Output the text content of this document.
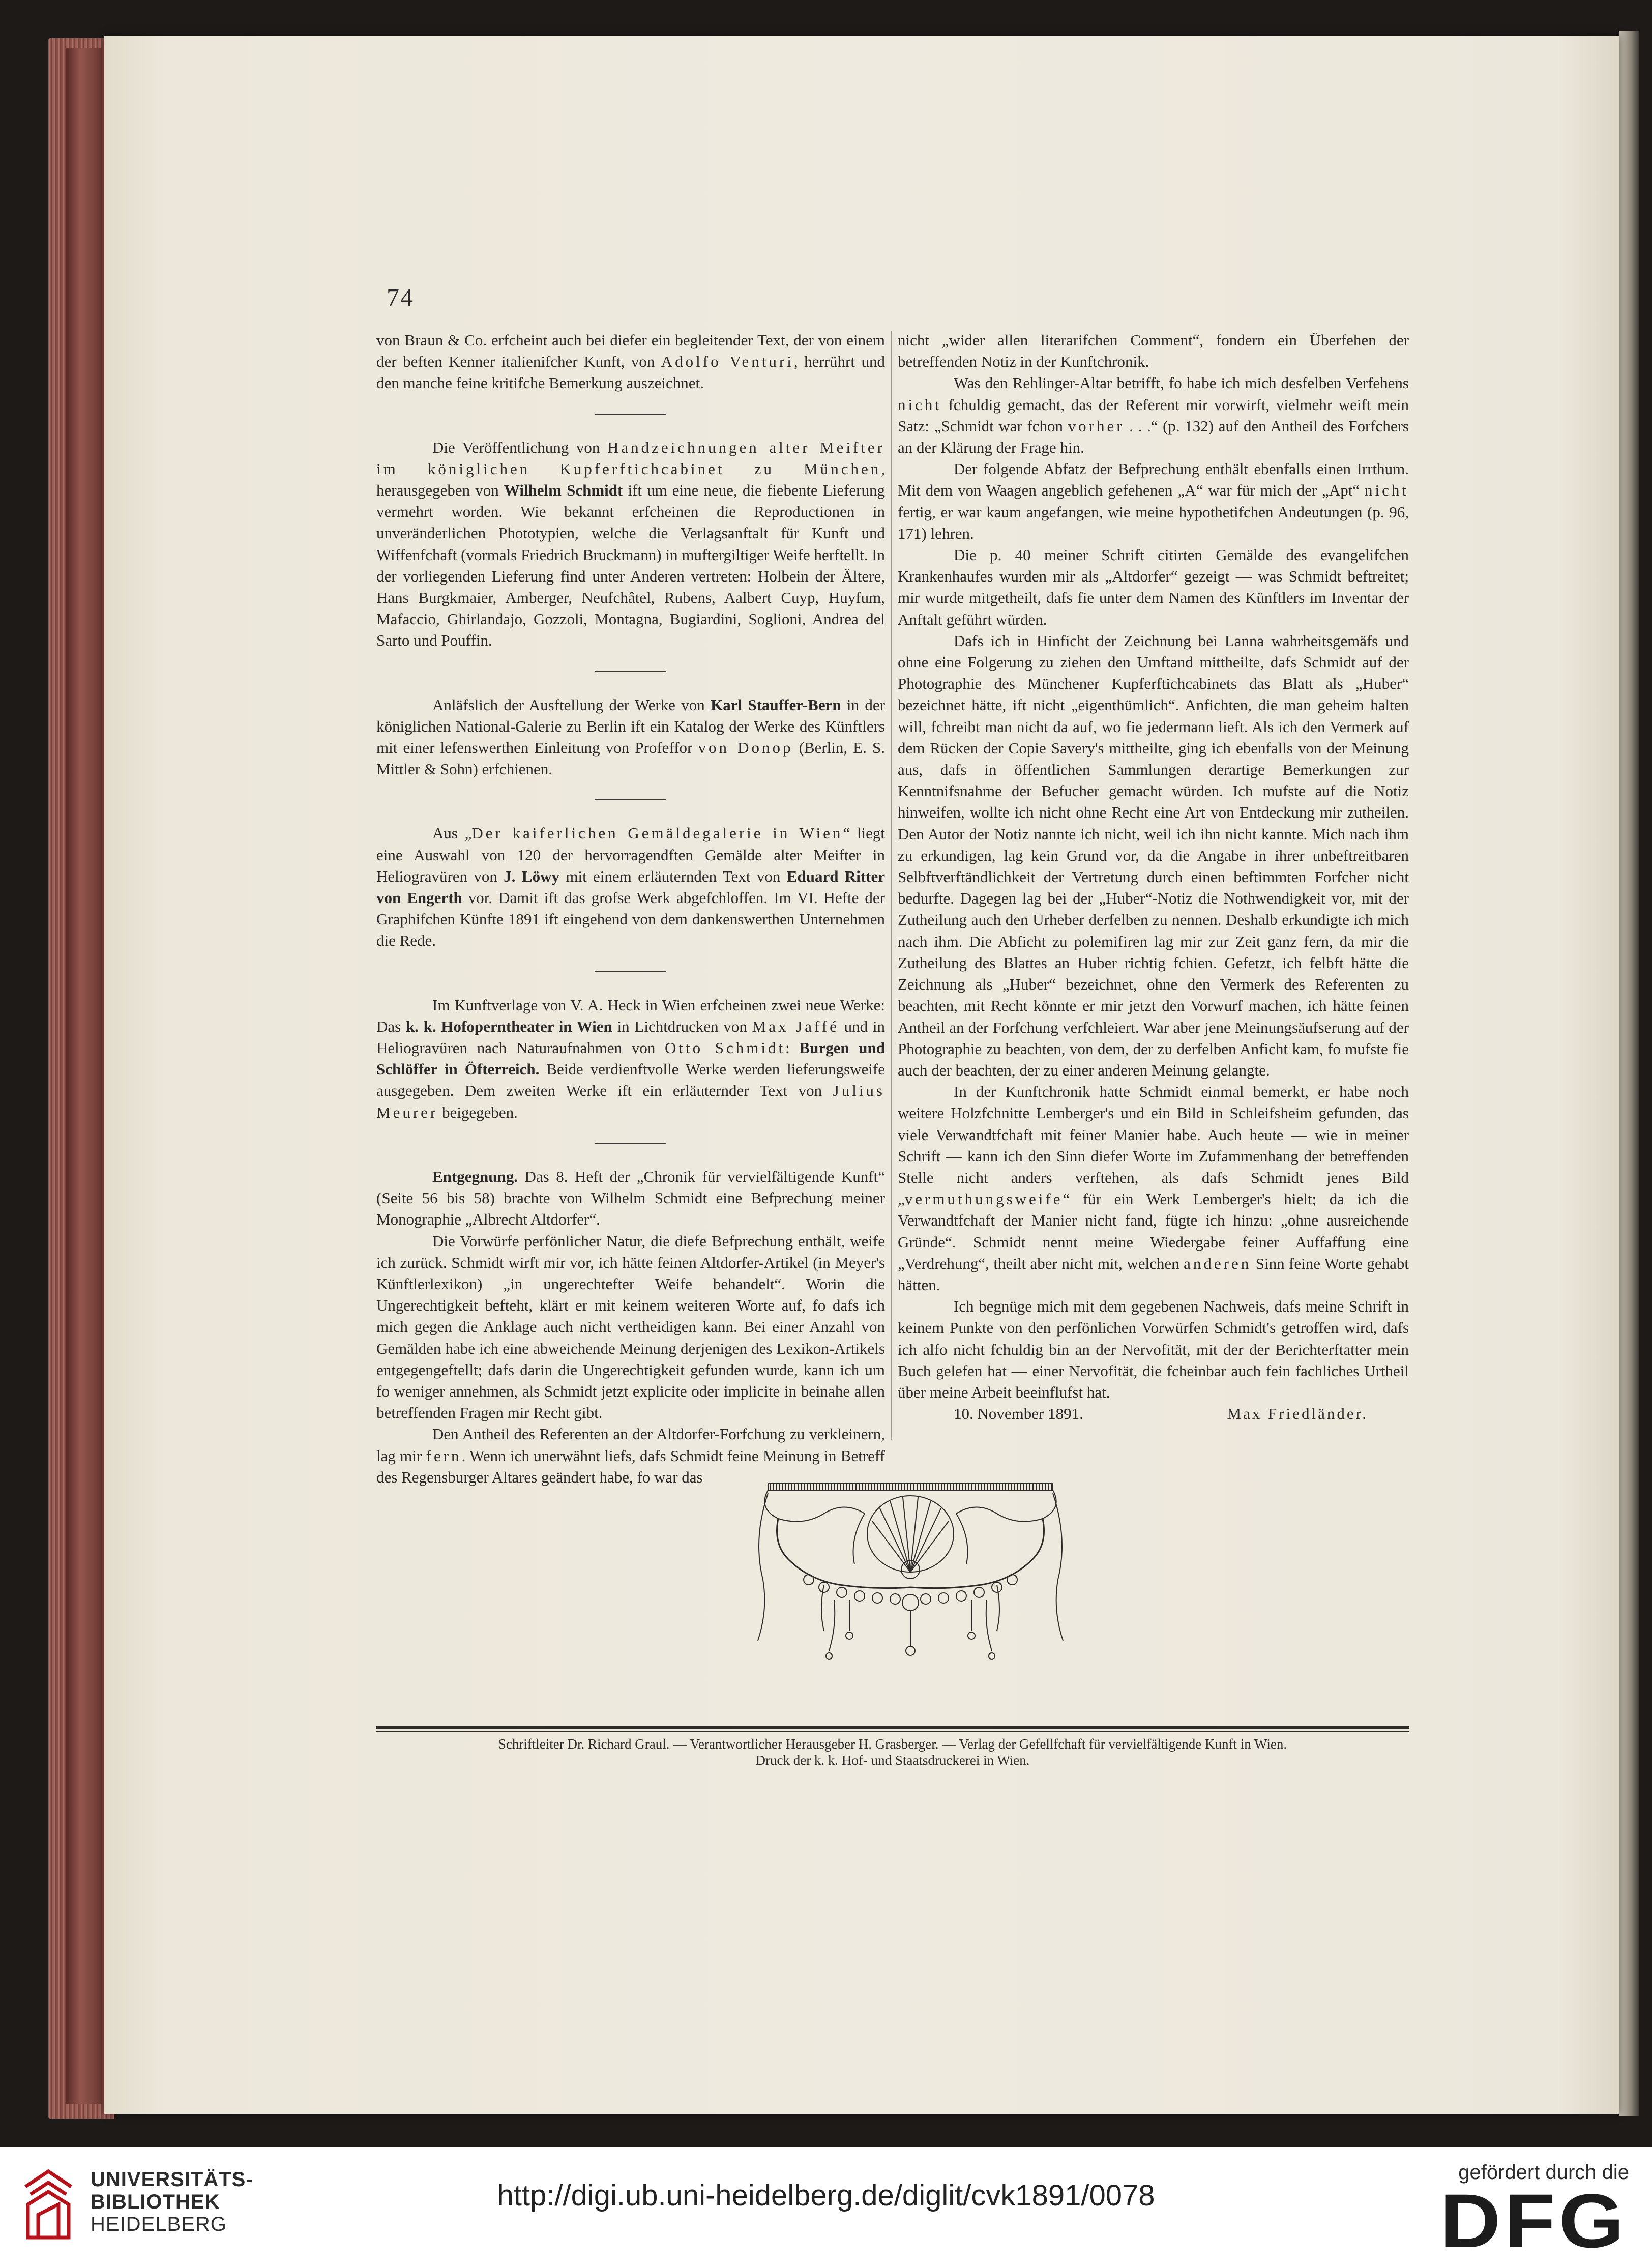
74

von Braun & Co. erfcheint auch bei diefer ein begleitender Text, der von einem der beften Kenner italienifcher Kunft, von Adolfo Venturi, herrührt und den manche feine kritifche Bemerkung auszeichnet.

Die Veröffentlichung von Handzeichnungen alter Meifter im königlichen Kupferftichcabinet zu München, herausgegeben von Wilhelm Schmidt ift um eine neue, die fiebente Lieferung vermehrt worden. Wie bekannt erfcheinen die Reproductionen in unveränderlichen Phototypien, welche die Verlagsanftalt für Kunft und Wiffenfchaft (vormals Friedrich Bruckmann) in muftergiltiger Weife herftellt. In der vorliegenden Lieferung find unter Anderen vertreten: Holbein der Ältere, Hans Burgkmaier, Amberger, Neufchâtel, Rubens, Aalbert Cuyp, Huyfum, Mafaccio, Ghirlandajo, Gozzoli, Montagna, Bugiardini, Soglioni, Andrea del Sarto und Pouffin.

Anläfslich der Ausftellung der Werke von Karl Stauffer-Bern in der königlichen National-Galerie zu Berlin ift ein Katalog der Werke des Künftlers mit einer lefenswerthen Einleitung von Profeffor von Donop (Berlin, E. S. Mittler & Sohn) erfchienen.

Aus „Der kaiferlichen Gemäldegalerie in Wien“ liegt eine Auswahl von 120 der hervorragendften Gemälde alter Meifter in Heliogravüren von J. Löwy mit einem erläuternden Text von Eduard Ritter von Engerth vor. Damit ift das grofse Werk abgefchloffen. Im VI. Hefte der Graphifchen Künfte 1891 ift eingehend von dem dankenswerthen Unternehmen die Rede.

Im Kunftverlage von V. A. Heck in Wien erfcheinen zwei neue Werke: Das k. k. Hofoperntheater in Wien in Lichtdrucken von Max Jaffé und in Heliogravüren nach Naturaufnahmen von Otto Schmidt: Burgen und Schlöffer in Öfterreich. Beide verdienftvolle Werke werden lieferungsweife ausgegeben. Dem zweiten Werke ift ein erläuternder Text von Julius Meurer beigegeben.

Entgegnung. Das 8. Heft der „Chronik für vervielfältigende Kunft“ (Seite 56 bis 58) brachte von Wilhelm Schmidt eine Befprechung meiner Monographie „Albrecht Altdorfer“.

Die Vorwürfe perfönlicher Natur, die diefe Befprechung enthält, weife ich zurück. Schmidt wirft mir vor, ich hätte feinen Altdorfer-Artikel (in Meyer's Künftlerlexikon) „in ungerechtefter Weife behandelt“. Worin die Ungerechtigkeit befteht, klärt er mit keinem weiteren Worte auf, fo dafs ich mich gegen die Anklage auch nicht vertheidigen kann. Bei einer Anzahl von Gemälden habe ich eine abweichende Meinung derjenigen des Lexikon-Artikels entgegengeftellt; dafs darin die Ungerechtigkeit gefunden wurde, kann ich um fo weniger annehmen, als Schmidt jetzt explicite oder implicite in beinahe allen betreffenden Fragen mir Recht gibt.

Den Antheil des Referenten an der Altdorfer-Forfchung zu verkleinern, lag mir fern. Wenn ich unerwähnt liefs, dafs Schmidt feine Meinung in Betreff des Regensburger Altares geändert habe, fo war das

nicht „wider allen literarifchen Comment“, fondern ein Überfehen der betreffenden Notiz in der Kunftchronik.

Was den Rehlinger-Altar betrifft, fo habe ich mich desfelben Verfehens nicht fchuldig gemacht, das der Referent mir vorwirft, vielmehr weift mein Satz: „Schmidt war fchon vorher . . .“ (p. 132) auf den Antheil des Forfchers an der Klärung der Frage hin.

Der folgende Abfatz der Befprechung enthält ebenfalls einen Irrthum. Mit dem von Waagen angeblich gefehenen „A“ war für mich der „Apt“ nicht fertig, er war kaum angefangen, wie meine hypothetifchen Andeutungen (p. 96, 171) lehren.

Die p. 40 meiner Schrift citirten Gemälde des evangelifchen Krankenhaufes wurden mir als „Altdorfer“ gezeigt — was Schmidt beftreitet; mir wurde mitgetheilt, dafs fie unter dem Namen des Künftlers im Inventar der Anftalt geführt würden.

Dafs ich in Hinficht der Zeichnung bei Lanna wahrheitsgemäfs und ohne eine Folgerung zu ziehen den Umftand mittheilte, dafs Schmidt auf der Photographie des Münchener Kupferftichcabinets das Blatt als „Huber“ bezeichnet hätte, ift nicht „eigenthümlich“. Anfichten, die man geheim halten will, fchreibt man nicht da auf, wo fie jedermann lieft. Als ich den Vermerk auf dem Rücken der Copie Savery's mittheilte, ging ich ebenfalls von der Meinung aus, dafs in öffentlichen Sammlungen derartige Bemerkungen zur Kenntnifsnahme der Befucher gemacht würden. Ich mufste auf die Notiz hinweifen, wollte ich nicht ohne Recht eine Art von Entdeckung mir zutheilen. Den Autor der Notiz nannte ich nicht, weil ich ihn nicht kannte. Mich nach ihm zu erkundigen, lag kein Grund vor, da die Angabe in ihrer unbeftreitbaren Selbftverftändlichkeit der Vertretung durch einen beftimmten Forfcher nicht bedurfte. Dagegen lag bei der „Huber“-Notiz die Nothwendigkeit vor, mit der Zutheilung auch den Urheber derfelben zu nennen. Deshalb erkundigte ich mich nach ihm. Die Abficht zu polemifiren lag mir zur Zeit ganz fern, da mir die Zutheilung des Blattes an Huber richtig fchien. Gefetzt, ich felbft hätte die Zeichnung als „Huber“ bezeichnet, ohne den Vermerk des Referenten zu beachten, mit Recht könnte er mir jetzt den Vorwurf machen, ich hätte feinen Antheil an der Forfchung verfchleiert. War aber jene Meinungsäufserung auf der Photographie zu beachten, von dem, der zu derfelben Anficht kam, fo mufste fie auch der beachten, der zu einer anderen Meinung gelangte.

In der Kunftchronik hatte Schmidt einmal bemerkt, er habe noch weitere Holzfchnitte Lemberger's und ein Bild in Schleifsheim gefunden, das viele Verwandtfchaft mit feiner Manier habe. Auch heute — wie in meiner Schrift — kann ich den Sinn diefer Worte im Zufammenhang der betreffenden Stelle nicht anders verftehen, als dafs Schmidt jenes Bild „vermuthungsweife“ für ein Werk Lemberger's hielt; da ich die Verwandtfchaft der Manier nicht fand, fügte ich hinzu: „ohne ausreichende Gründe“. Schmidt nennt meine Wiedergabe feiner Auffaffung eine „Verdrehung“, theilt aber nicht mit, welchen anderen Sinn feine Worte gehabt hätten.

Ich begnüge mich mit dem gegebenen Nachweis, dafs meine Schrift in keinem Punkte von den perfönlichen Vorwürfen Schmidt's getroffen wird, dafs ich alfo nicht fchuldig bin an der Nervofität, mit der der Berichterftatter mein Buch gelefen hat — einer Nervofität, die fcheinbar auch fein fachliches Urtheil über meine Arbeit beeinflufst hat.

10. November 1891.	Max Friedländer.
Schriftleiter Dr. Richard Graul. — Verantwortlicher Herausgeber H. Grasberger. — Verlag der Gefellfchaft für vervielfältigende Kunft in Wien.
Druck der k. k. Hof- und Staatsdruckerei in Wien.
UNIVERSITÄTS-
BIBLIOTHEK
HEIDELBERG
http://digi.ub.uni-heidelberg.de/diglit/cvk1891/0078
gefördert durch die
DFG
